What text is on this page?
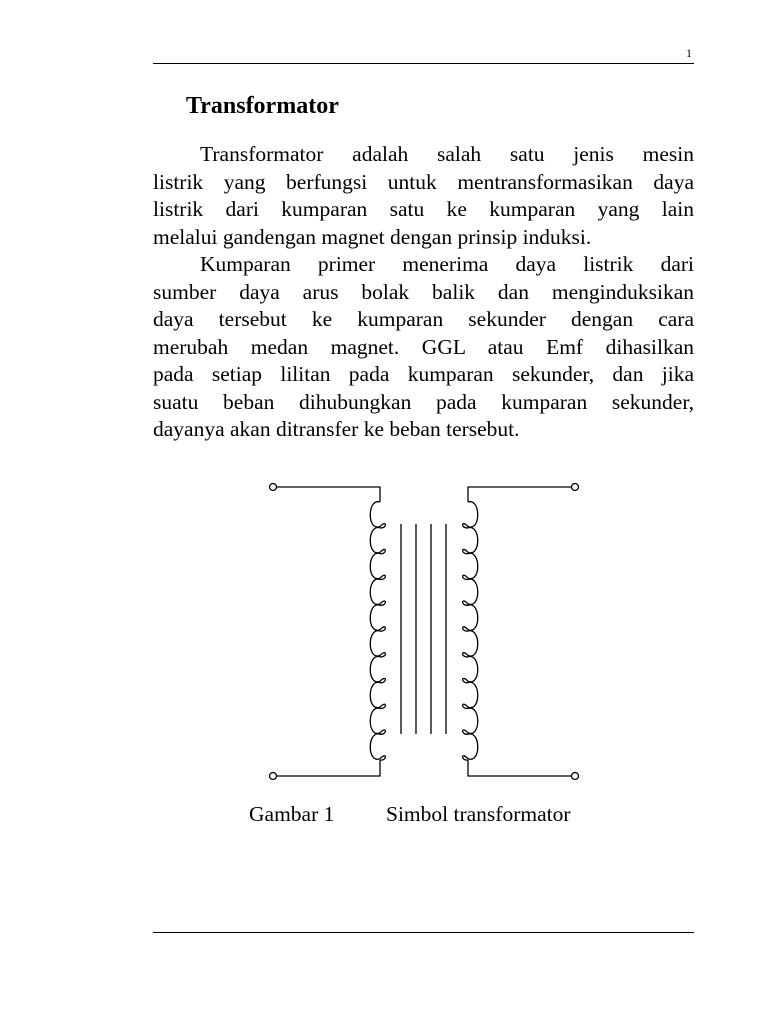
1
Transformator
Transformator adalah salah satu jenis mesin
listrik yang berfungsi untuk mentransformasikan daya
listrik dari kumparan satu ke kumparan yang lain
melalui gandengan magnet dengan prinsip induksi.
Kumparan primer menerima daya listrik dari
sumber daya arus bolak balik dan menginduksikan
daya tersebut ke kumparan sekunder dengan cara
merubah medan magnet. GGL atau Emf dihasilkan
pada setiap lilitan pada kumparan sekunder, dan jika
suatu beban dihubungkan pada kumparan sekunder,
dayanya akan ditransfer ke beban tersebut.
Gambar 1 Simbol transformator
